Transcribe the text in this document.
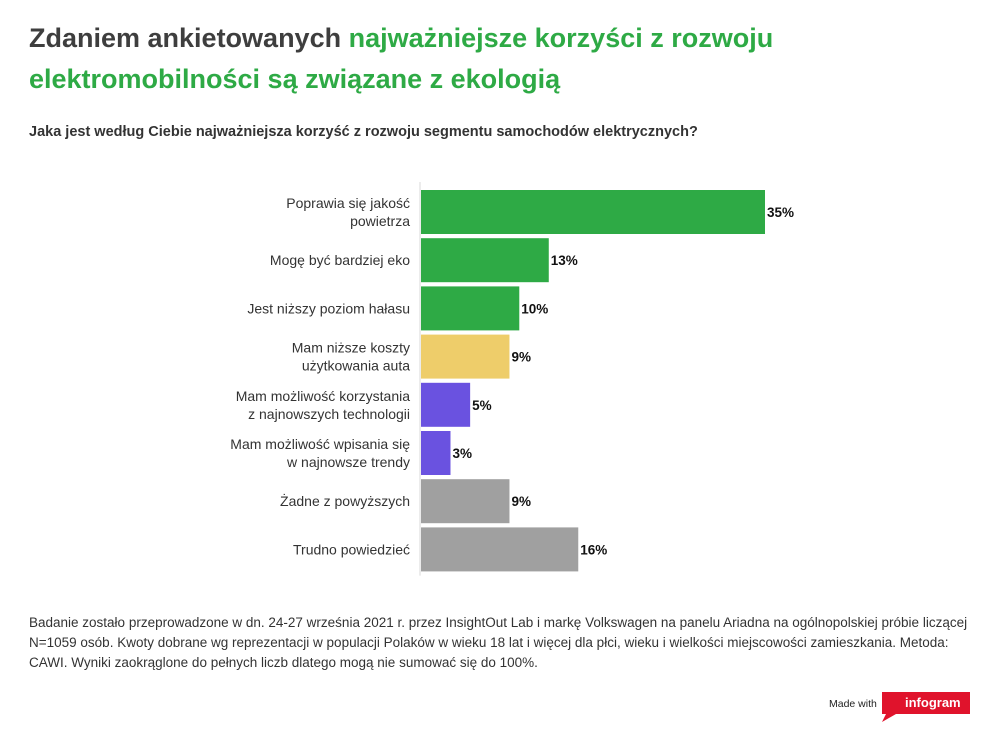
Zdaniem ankietowanych najważniejsze korzyści z rozwoju elektromobilności są związane z ekologią
Jaka jest według Ciebie najważniejsza korzyść z rozwoju segmentu samochodów elektrycznych?
35%
Poprawia się jakość powietrza
13%
Mogę być bardziej eko
10%
Jest niższy poziom hałasu
9%
Mam niższe koszty użytkowania auta
5%
Mam możliwość korzystania z najnowszych technologii
3%
Mam możliwość wpisania się w najnowsze trendy
9%
Żadne z powyższych
16%
Trudno powiedzieć
Badanie zostało przeprowadzone w dn. 24-27 września 2021 r. przez InsightOut Lab i markę Volkswagen na panelu Ariadna na ogólnopolskiej próbie liczącej N=1059 osób. Kwoty dobrane wg reprezentacji w populacji Polaków w wieku 18 lat i więcej dla płci, wieku i wielkości miejscowości zamieszkania. Metoda: CAWI. Wyniki zaokrąglone do pełnych liczb dlatego mogą nie sumować się do 100%.
Made with infogram
